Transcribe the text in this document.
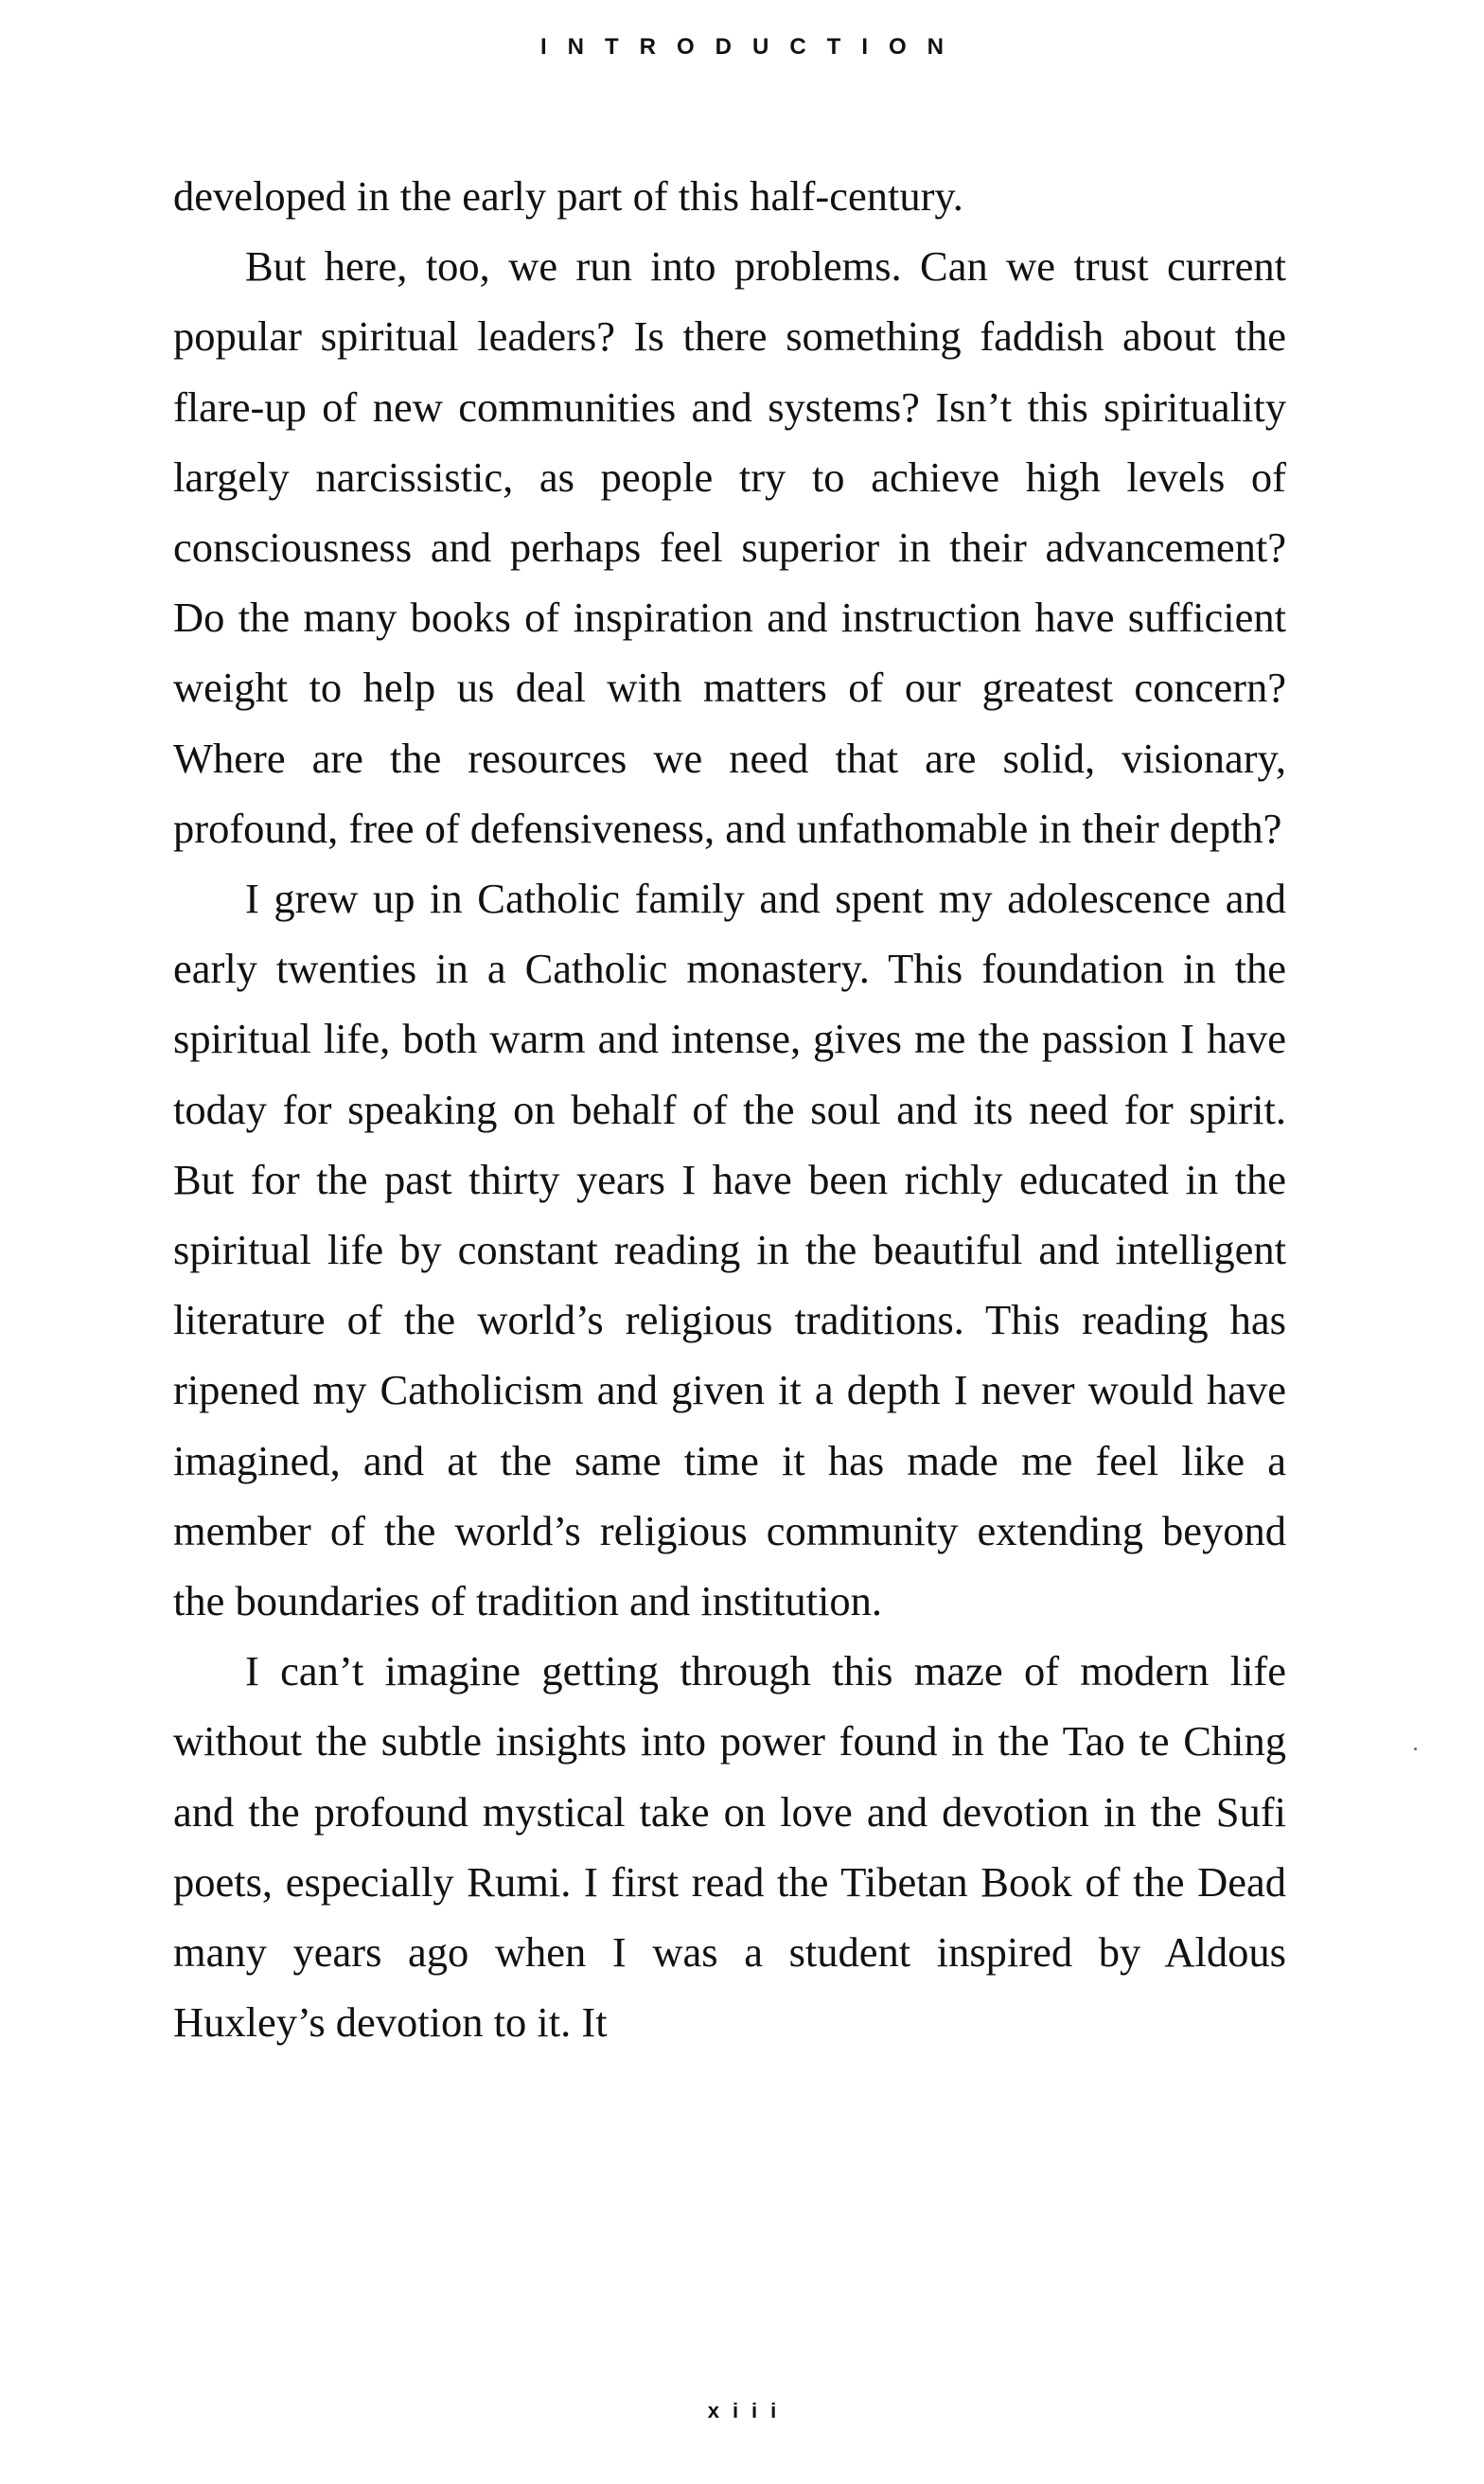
INTRODUCTION

developed in the early part of this half-century.

But here, too, we run into problems. Can we trust current popular spiritual leaders? Is there something faddish about the flare-up of new communities and systems? Isn’t this spirituality largely narcissistic, as people try to achieve high levels of consciousness and perhaps feel superior in their advancement? Do the many books of inspiration and instruction have sufficient weight to help us deal with matters of our greatest concern? Where are the resources we need that are solid, visionary, profound, free of defensiveness, and unfathomable in their depth?

I grew up in Catholic family and spent my adolescence and early twenties in a Catholic monastery. This foundation in the spiritual life, both warm and intense, gives me the passion I have today for speaking on behalf of the soul and its need for spirit. But for the past thirty years I have been richly educated in the spiritual life by constant reading in the beautiful and intelligent literature of the world’s religious traditions. This reading has ripened my Catholicism and given it a depth I never would have imagined, and at the same time it has made me feel like a member of the world’s religious community extending beyond the boundaries of tradition and institution.

I can’t imagine getting through this maze of modern life without the subtle insights into power found in the Tao te Ching and the profound mystical take on love and devotion in the Sufi poets, especially Rumi. I first read the Tibetan Book of the Dead many years ago when I was a student inspired by Aldous Huxley’s devotion to it. It

xiii
